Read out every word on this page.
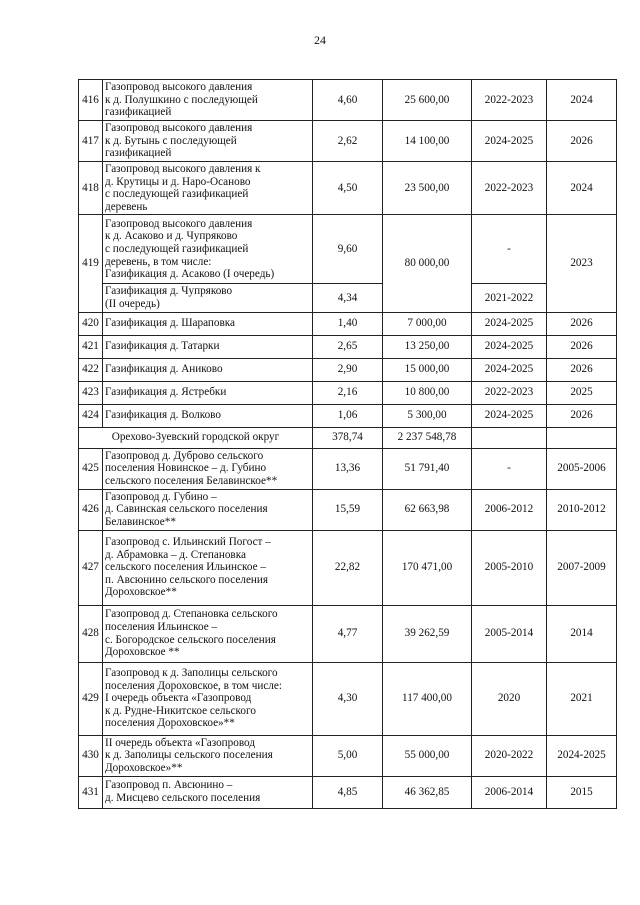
24
416	Газопровод высокого давления
к д. Полушкино с последующей
газификацией	4,60	25 600,00	2022-2023	2024
417	Газопровод высокого давления
к д. Бутынь с последующей
газификацией	2,62	14 100,00	2024-2025	2026
418	Газопровод высокого давления к
д. Крутицы и д. Наро-Осаново
с последующей газификацией
деревень	4,50	23 500,00	2022-2023	2024
419	Газопровод высокого давления
к д. Асаково и д. Чупряково
с последующей газификацией
деревень, в том числе:
Газификация д. Асаково (I очередь)	9,60	80 000,00	-	2023
	Газификация д. Чупряково
(II очередь)	4,34		2021-2022	
420	Газификация д. Шараповка	1,40	7 000,00	2024-2025	2026
421	Газификация д. Татарки	2,65	13 250,00	2024-2025	2026
422	Газификация д. Аниково	2,90	15 000,00	2024-2025	2026
423	Газификация д. Ястребки	2,16	10 800,00	2022-2023	2025
424	Газификация д. Волково	1,06	5 300,00	2024-2025	2026
Орехово-Зуевский городской округ		378,74	2 237 548,78		
425	Газопровод д. Дуброво сельского
поселения Новинское – д. Губино
сельского поселения Белавинское**	13,36	51 791,40	-	2005-2006
426	Газопровод д. Губино –
д. Савинская сельского поселения
Белавинское**	15,59	62 663,98	2006-2012	2010-2012
427	Газопровод с. Ильинский Погост –
д. Абрамовка – д. Степановка
сельского поселения Ильинское –
п. Авсюнино сельского поселения
Дороховское**	22,82	170 471,00	2005-2010	2007-2009
428	Газопровод д. Степановка сельского
поселения Ильинское –
с. Богородское сельского поселения
Дороховское **	4,77	39 262,59	2005-2014	2014
429	Газопровод к д. Заполицы сельского
поселения Дороховское, в том числе:
I очередь объекта «Газопровод
к д. Рудне-Никитское сельского
поселения Дороховское»**	4,30	117 400,00	2020	2021
430	II очередь объекта «Газопровод
к д. Заполицы сельского поселения
Дороховское»**	5,00	55 000,00	2020-2022	2024-2025
431	Газопровод п. Авсюнино –
д. Мисцево сельского поселения	4,85	46 362,85	2006-2014	2015
